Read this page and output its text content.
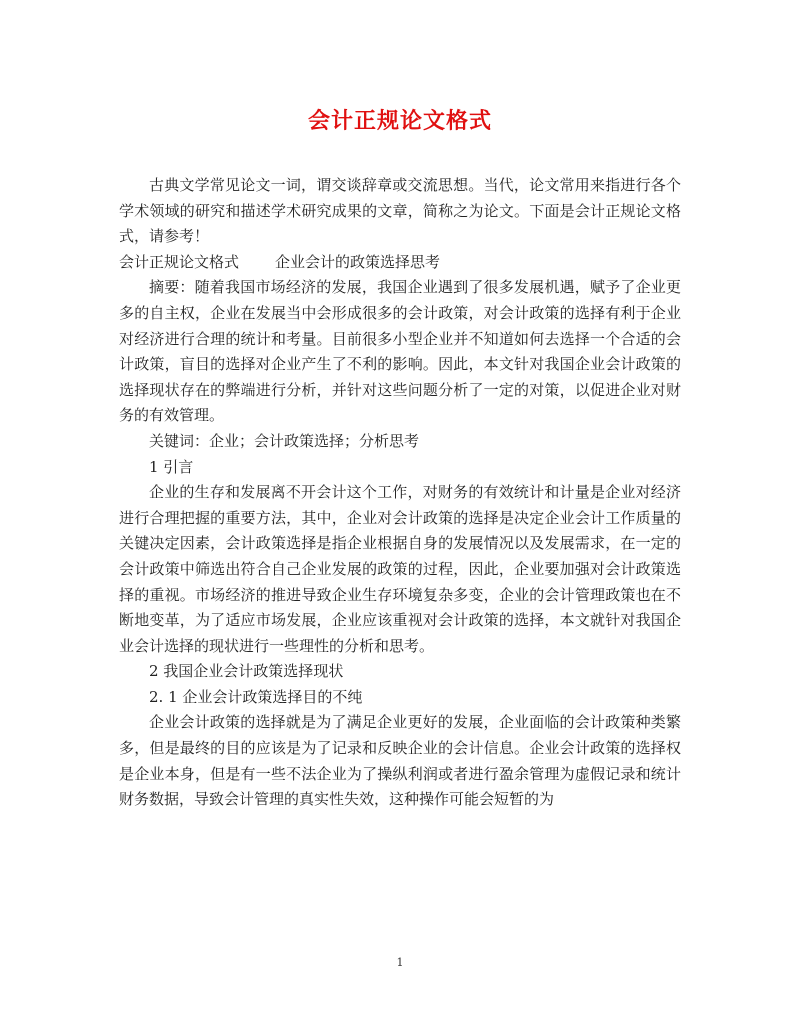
会计正规论文格式

古典文学常见论文一词，谓交谈辞章或交流思想。当代，论文常用来指进行各个学术领域的研究和描述学术研究成果的文章，简称之为论文。下面是会计正规论文格式，请参考！

会计正规论文格式 企业会计的政策选择思考

摘要：随着我国市场经济的发展，我国企业遇到了很多发展机遇，赋予了企业更多的自主权，企业在发展当中会形成很多的会计政策，对会计政策的选择有利于企业对经济进行合理的统计和考量。目前很多小型企业并不知道如何去选择一个合适的会计政策，盲目的选择对企业产生了不利的影响。因此，本文针对我国企业会计政策的选择现状存在的弊端进行分析，并针对这些问题分析了一定的对策，以促进企业对财务的有效管理。

关键词：企业；会计政策选择；分析思考

1 引言

企业的生存和发展离不开会计这个工作，对财务的有效统计和计量是企业对经济进行合理把握的重要方法，其中，企业对会计政策的选择是决定企业会计工作质量的关键决定因素，会计政策选择是指企业根据自身的发展情况以及发展需求，在一定的会计政策中筛选出符合自己企业发展的政策的过程，因此，企业要加强对会计政策选择的重视。市场经济的推进导致企业生存环境复杂多变，企业的会计管理政策也在不断地变革，为了适应市场发展，企业应该重视对会计政策的选择，本文就针对我国企业会计选择的现状进行一些理性的分析和思考。

2 我国企业会计政策选择现状

2. 1 企业会计政策选择目的不纯

企业会计政策的选择就是为了满足企业更好的发展，企业面临的会计政策种类繁多，但是最终的目的应该是为了记录和反映企业的会计信息。企业会计政策的选择权是企业本身，但是有一些不法企业为了操纵利润或者进行盈余管理为虚假记录和统计财务数据，导致会计管理的真实性失效，这种操作可能会短暂的为

1
